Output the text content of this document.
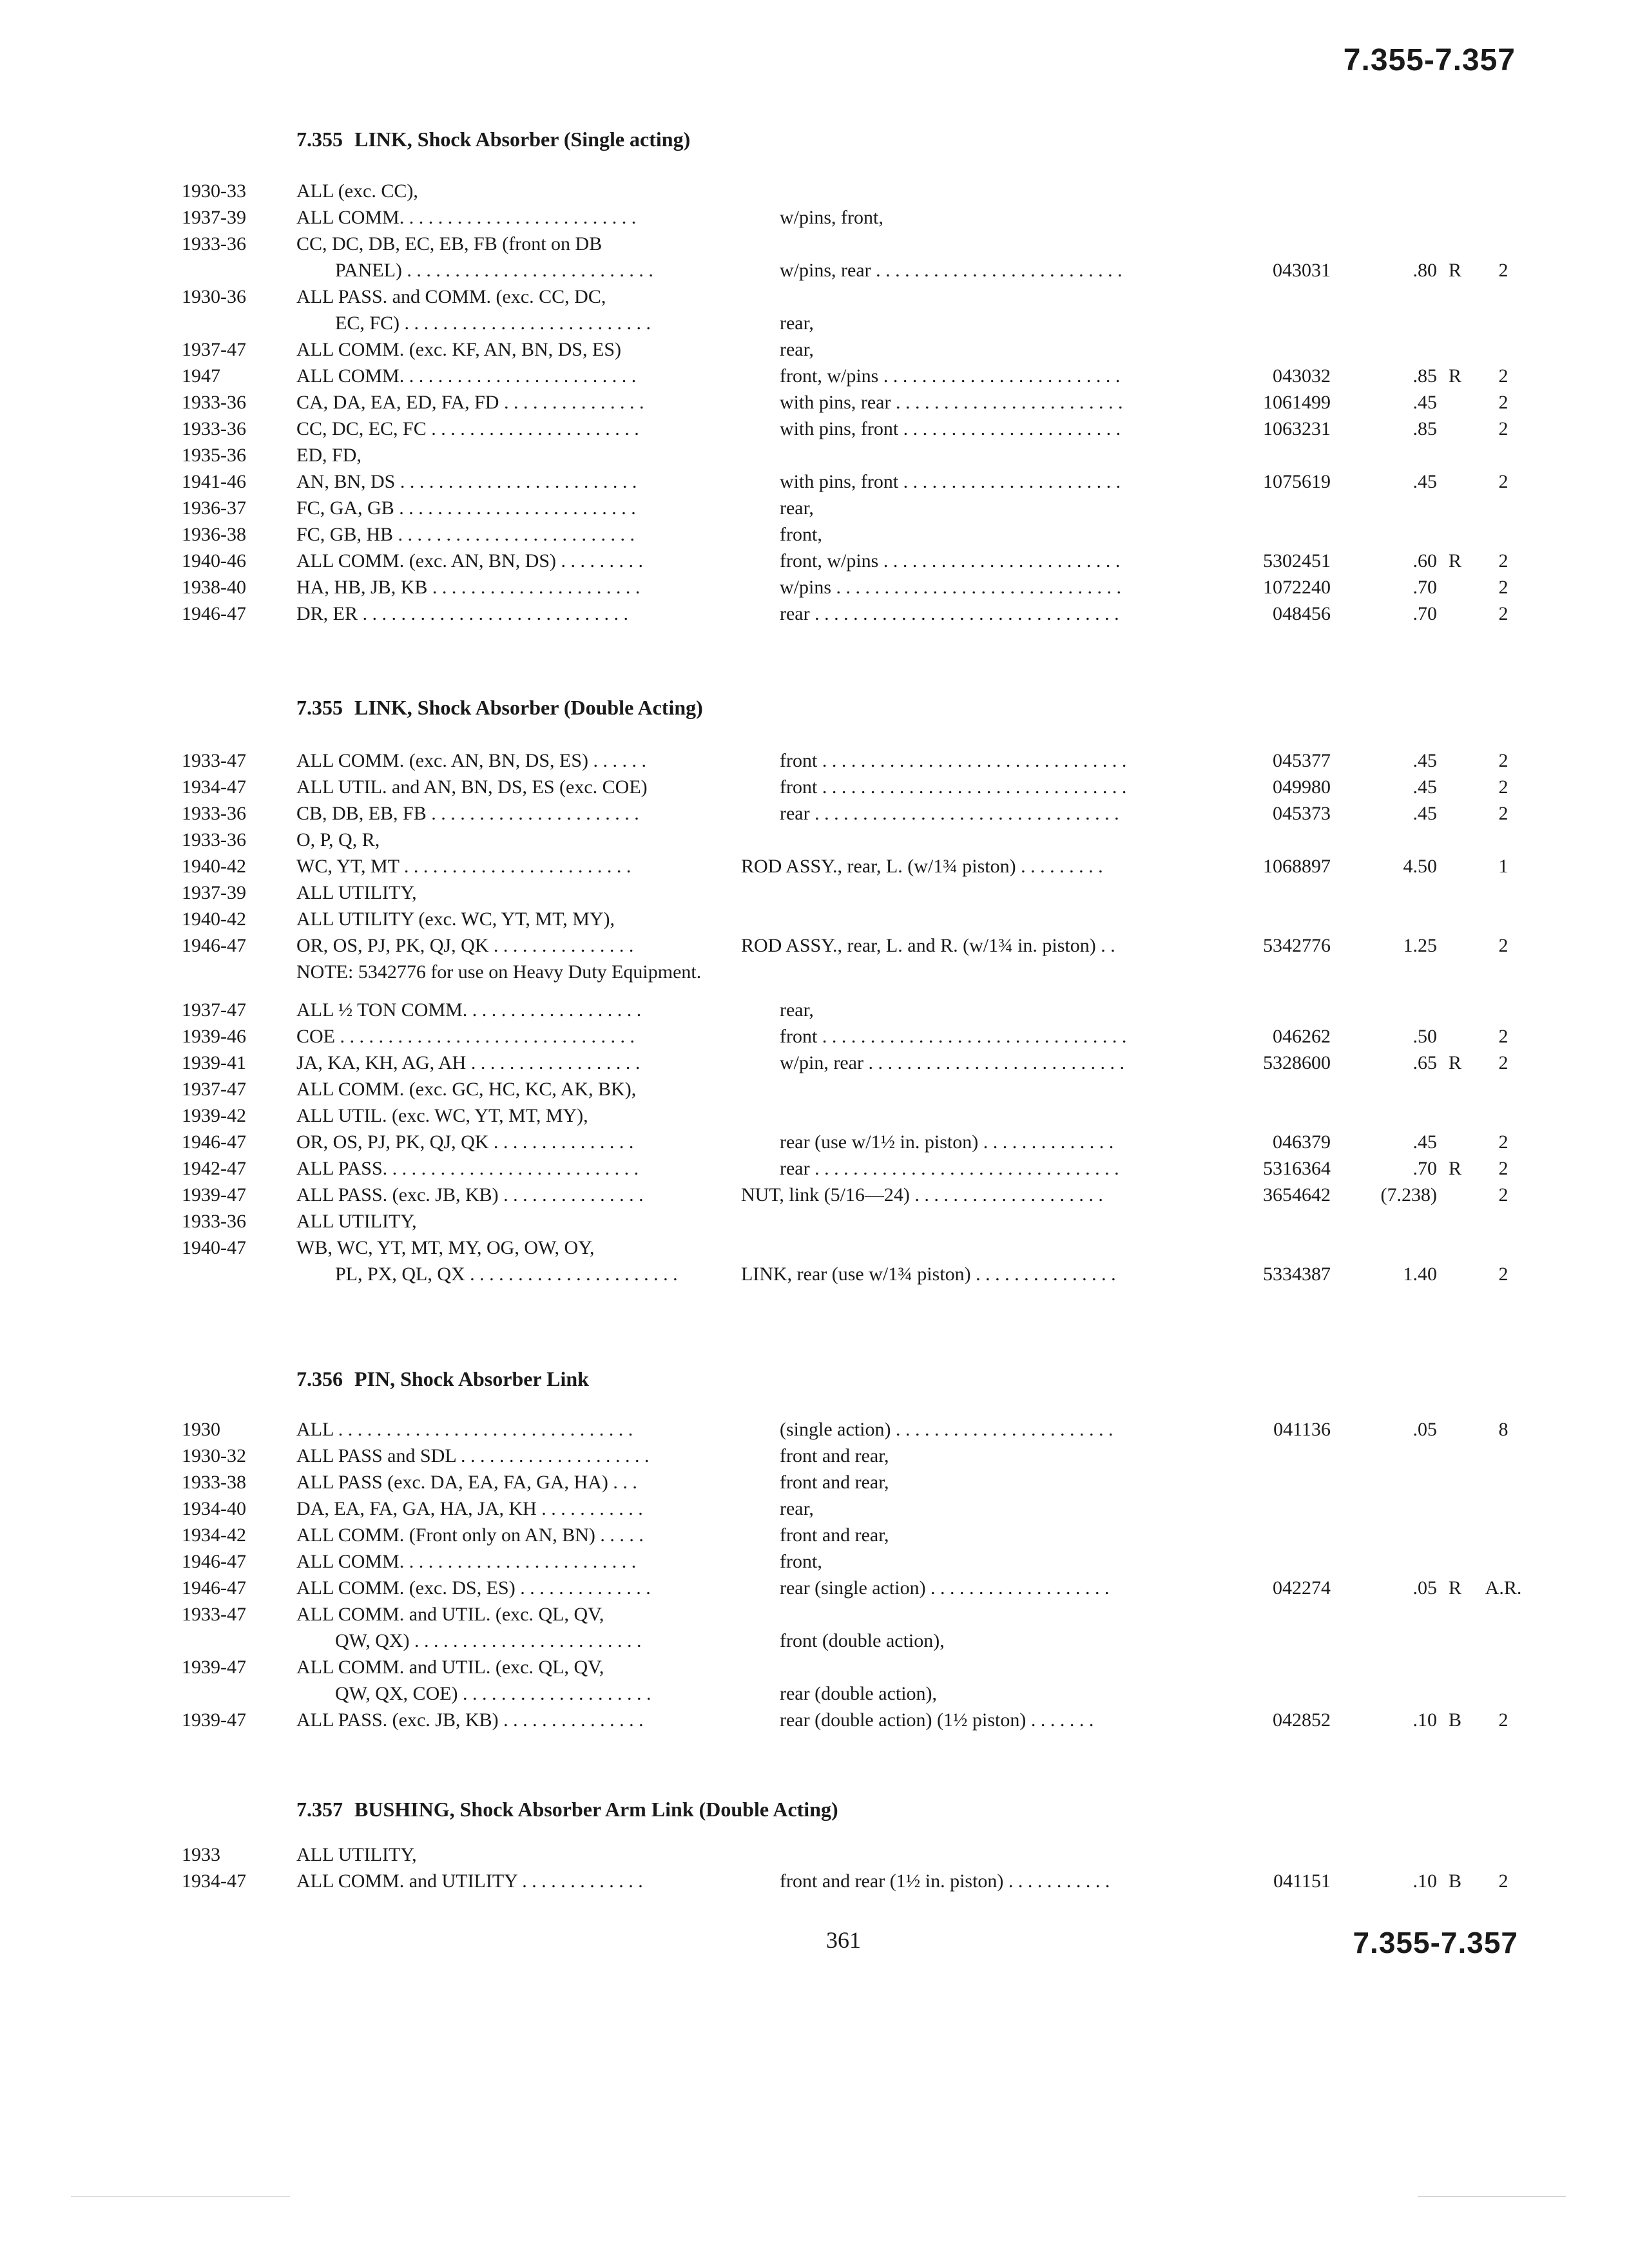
7.355-7.357
7.355 LINK, Shock Absorber (Single acting)
1930-33	ALL (exc. CC),
1937-39	ALL COMM. . . . . . . . . . . . . . . . . . . . . . . . .	w/pins, front,
1933-36	CC, DC, DB, EC, EB, FB (front on DB
PANEL) . . . . . . . . . . . . . . . . . . . . . . . . . .	w/pins, rear . . . . . . . . . . . . . . . . . . . . . . . . . .	043031	.80 R	2
1930-36	ALL PASS. and COMM. (exc. CC, DC,
EC, FC) . . . . . . . . . . . . . . . . . . . . . . . . . .	rear,
1937-47	ALL COMM. (exc. KF, AN, BN, DS, ES)	rear,
1947	ALL COMM. . . . . . . . . . . . . . . . . . . . . . . . .	front, w/pins . . . . . . . . . . . . . . . . . . . . . . . . .	043032	.85 R	2
1933-36	CA, DA, EA, ED, FA, FD . . . . . . . . . . . . . . .	with pins, rear . . . . . . . . . . . . . . . . . . . . . . . .	1061499	.45	2
1933-36	CC, DC, EC, FC . . . . . . . . . . . . . . . . . . . . . .	with pins, front . . . . . . . . . . . . . . . . . . . . . . .	1063231	.85	2
1935-36	ED, FD,
1941-46	AN, BN, DS . . . . . . . . . . . . . . . . . . . . . . . . .	with pins, front . . . . . . . . . . . . . . . . . . . . . . .	1075619	.45	2
1936-37	FC, GA, GB . . . . . . . . . . . . . . . . . . . . . . . . .	rear,
1936-38	FC, GB, HB . . . . . . . . . . . . . . . . . . . . . . . . .	front,
1940-46	ALL COMM. (exc. AN, BN, DS) . . . . . . . . .	front, w/pins . . . . . . . . . . . . . . . . . . . . . . . . .	5302451	.60 R	2
1938-40	HA, HB, JB, KB . . . . . . . . . . . . . . . . . . . . . .	w/pins . . . . . . . . . . . . . . . . . . . . . . . . . . . . . .	1072240	.70	2
1946-47	DR, ER . . . . . . . . . . . . . . . . . . . . . . . . . . . .	rear . . . . . . . . . . . . . . . . . . . . . . . . . . . . . . . .	048456	.70	2
7.355 LINK, Shock Absorber (Double Acting)
1933-47	ALL COMM. (exc. AN, BN, DS, ES) . . . . . .	front . . . . . . . . . . . . . . . . . . . . . . . . . . . . . . . .	045377	.45	2
1934-47	ALL UTIL. and AN, BN, DS, ES (exc. COE)	front . . . . . . . . . . . . . . . . . . . . . . . . . . . . . . . .	049980	.45	2
1933-36	CB, DB, EB, FB . . . . . . . . . . . . . . . . . . . . . .	rear . . . . . . . . . . . . . . . . . . . . . . . . . . . . . . . .	045373	.45	2
1933-36	O, P, Q, R,
1940-42	WC, YT, MT . . . . . . . . . . . . . . . . . . . . . . . .	ROD ASSY., rear, L. (w/1¾ piston) . . . . . . . . .	1068897	4.50	1
1937-39	ALL UTILITY,
1940-42	ALL UTILITY (exc. WC, YT, MT, MY),
1946-47	OR, OS, PJ, PK, QJ, QK . . . . . . . . . . . . . . .	ROD ASSY., rear, L. and R. (w/1¾ in. piston) . .	5342776	1.25	2
NOTE: 5342776 for use on Heavy Duty Equipment.
1937-47	ALL ½ TON COMM. . . . . . . . . . . . . . . . . . .	rear,
1939-46	COE . . . . . . . . . . . . . . . . . . . . . . . . . . . . . . .	front . . . . . . . . . . . . . . . . . . . . . . . . . . . . . . . .	046262	.50	2
1939-41	JA, KA, KH, AG, AH . . . . . . . . . . . . . . . . . .	w/pin, rear . . . . . . . . . . . . . . . . . . . . . . . . . . .	5328600	.65 R	2
1937-47	ALL COMM. (exc. GC, HC, KC, AK, BK),
1939-42	ALL UTIL. (exc. WC, YT, MT, MY),
1946-47	OR, OS, PJ, PK, QJ, QK . . . . . . . . . . . . . . .	rear (use w/1½ in. piston) . . . . . . . . . . . . . .	046379	.45	2
1942-47	ALL PASS. . . . . . . . . . . . . . . . . . . . . . . . . . .	rear . . . . . . . . . . . . . . . . . . . . . . . . . . . . . . . .	5316364	.70 R	2
1939-47	ALL PASS. (exc. JB, KB) . . . . . . . . . . . . . . .	NUT, link (5/16—24) . . . . . . . . . . . . . . . . . . . .	3654642	(7.238)	2
1933-36	ALL UTILITY,
1940-47	WB, WC, YT, MT, MY, OG, OW, OY,
PL, PX, QL, QX . . . . . . . . . . . . . . . . . . . . . .	LINK, rear (use w/1¾ piston) . . . . . . . . . . . . . . .	5334387	1.40	2
7.356 PIN, Shock Absorber Link
1930	ALL . . . . . . . . . . . . . . . . . . . . . . . . . . . . . . .	(single action) . . . . . . . . . . . . . . . . . . . . . . .	041136	.05	8
1930-32	ALL PASS and SDL . . . . . . . . . . . . . . . . . . . .	front and rear,
1933-38	ALL PASS (exc. DA, EA, FA, GA, HA) . . .	front and rear,
1934-40	DA, EA, FA, GA, HA, JA, KH . . . . . . . . . . .	rear,
1934-42	ALL COMM. (Front only on AN, BN) . . . . .	front and rear,
1946-47	ALL COMM. . . . . . . . . . . . . . . . . . . . . . . . .	front,
1946-47	ALL COMM. (exc. DS, ES) . . . . . . . . . . . . . .	rear (single action) . . . . . . . . . . . . . . . . . . .	042274	.05 R	A.R.
1933-47	ALL COMM. and UTIL. (exc. QL, QV,
QW, QX) . . . . . . . . . . . . . . . . . . . . . . . .	front (double action),
1939-47	ALL COMM. and UTIL. (exc. QL, QV,
QW, QX, COE) . . . . . . . . . . . . . . . . . . . .	rear (double action),
1939-47	ALL PASS. (exc. JB, KB) . . . . . . . . . . . . . . .	rear (double action) (1½ piston) . . . . . . .	042852	.10 B	2
7.357 BUSHING, Shock Absorber Arm Link (Double Acting)
1933	ALL UTILITY,
1934-47	ALL COMM. and UTILITY . . . . . . . . . . . . .	front and rear (1½ in. piston) . . . . . . . . . . .	041151	.10 B	2
361	7.355-7.357
